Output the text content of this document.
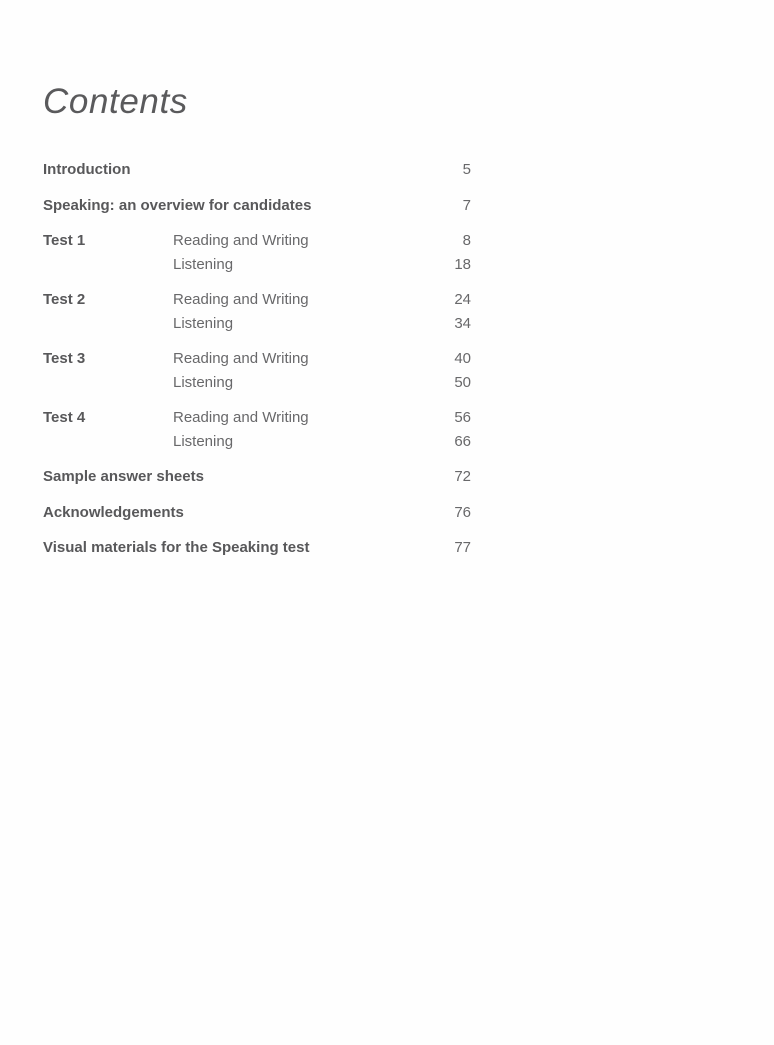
Contents
Introduction	5
Speaking: an overview for candidates	7
Test 1	Reading and Writing	8
Listening	18
Test 2	Reading and Writing	24
Listening	34
Test 3	Reading and Writing	40
Listening	50
Test 4	Reading and Writing	56
Listening	66
Sample answer sheets	72
Acknowledgements	76
Visual materials for the Speaking test	77
